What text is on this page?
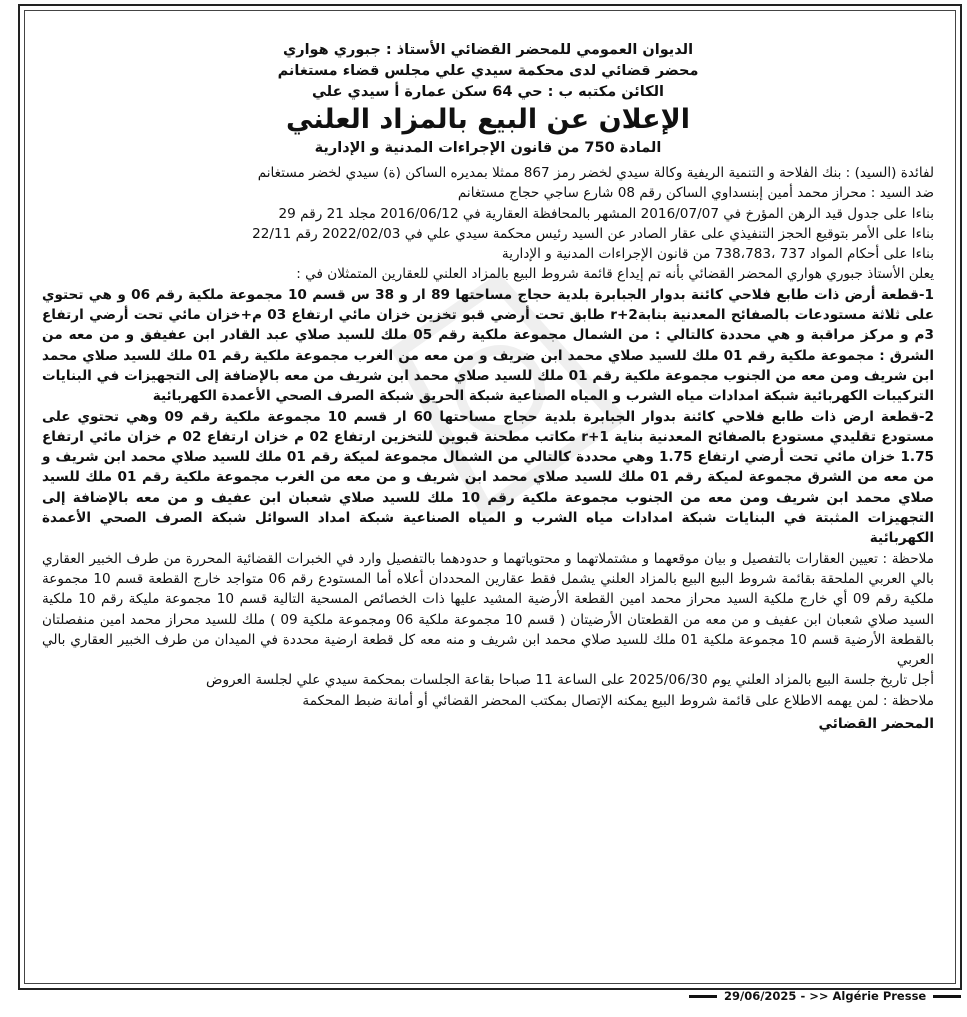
الديوان العمومي للمحضر القضائي الأستاذ : جبوري هواري

محضر قضائي لدى محكمة سيدي علي مجلس قضاء مستغانم

الكائن مكتبه ب : حي 64 سكن عمارة أ سيدي علي

الإعلان عن البيع بالمزاد العلني

المادة 750 من قانون الإجراءات المدنية و الإدارية

لفائدة (السيد) : بنك الفلاحة و التنمية الريفية وكالة سيدي لخضر رمز 867 ممثلا بمديره الساكن (ة) سيدي لخضر مستغانم

ضد السيد : محراز محمد أمين إبنسداوي الساكن رقم 08 شارع ساجي حجاج مستغانم

بناءا على جدول قيد الرهن المؤرخ في 2016/07/07 المشهر بالمحافظة العقارية في 2016/06/12 مجلد 21 رقم 29

بناءا على الأمر بتوقيع الحجز التنفيذي على عقار الصادر عن السيد رئيس محكمة سيدي علي في 2022/02/03 رقم 22/11

بناءا على أحكام المواد 737 ،738،783 من قانون الإجراءات المدنية و الإدارية

يعلن الأستاذ جبوري هواري المحضر القضائي بأنه تم إيداع قائمة شروط البيع بالمزاد العلني للعقارين المتمثلان في :

1-قطعة أرض ذات طابع فلاحي كائنة بدوار الجبابرة بلدية حجاج مساحتها 89 ار و 38 س قسم 10 مجموعة ملكية رقم 06 و هي تحتوي على ثلاثة مستودعات بالصفائح المعدنية بنابة2+r طابق تحت أرضي قبو تخزين خزان مائي ارتفاع 03 م+خزان مائي تحت أرضي ارتفاع 3م و مركز مراقبة و هي محددة كالتالي : من الشمال مجموعة ملكية رقم 05 ملك للسيد صلاي عبد القادر ابن عفيفق و من معه من الشرق : مجموعة ملكية رقم 01 ملك للسيد صلاي محمد ابن ضريف و من معه من الغرب مجموعة ملكية رقم 01 ملك للسيد صلاي محمد ابن شريف ومن معه من الجنوب مجموعة ملكية رقم 01 ملك للسيد صلاي محمد ابن شريف من معه بالإضافة إلى التجهيزات في البنايات التركيبات الكهربائية شبكة امدادات مياه الشرب و المياه الصناعية شبكة الحريق شبكة الصرف الصحي الأعمدة الكهربائية

2-قطعة ارض ذات طابع فلاحي كائنة بدوار الجبابرة بلدية حجاج مساحتها 60 ار قسم 10 مجموعة ملكية رقم 09 وهي تحتوي على مستودع تقليدي مستودع بالصفائح المعدنية بناية r+1 مكاتب مطحنة قبوين للتخزين ارتفاع 02 م خزان ارتفاع 02 م خزان مائي ارتفاع 1.75 خزان مائي تحت أرضي ارتفاع 1.75 وهي محددة كالتالي من الشمال مجموعة لميكة رقم 01 ملك للسيد صلاي محمد ابن شريف و من معه من الشرق مجموعة لميكة رقم 01 ملك للسيد صلاي محمد ابن شريف و من معه من الغرب مجموعة ملكية رقم 01 ملك للسيد صلاي محمد ابن شريف ومن معه من الجنوب مجموعة ملكية رقم 10 ملك للسيد صلاي شعبان ابن عفيف و من معه بالإضافة إلى التجهيزات المثبتة في البنايات شبكة امدادات مياه الشرب و المياه الصناعية شبكة امداد السوائل شبكة الصرف الصحي الأعمدة الكهربائية

ملاحظة : تعيين العقارات بالتفصيل و بيان موقعهما و مشتملاتهما و محتوياتهما و حدودهما بالتفصيل وارد في الخبرات القضائية المحررة من طرف الخبير العقاري بالي العربي الملحقة بقائمة شروط البيع البيع بالمزاد العلني يشمل فقط عقارين المحددان أعلاه أما المستودع رقم 06 متواجد خارج القطعة قسم 10 مجموعة ملكية رقم 09 أي خارج ملكية السيد محراز محمد امين القطعة الأرضية المشيد عليها ذات الخصائص المسحية التالية قسم 10 مجموعة مليكة رقم 10 ملكية السيد صلاي شعبان ابن عفيف و من معه من القطعتان الأرضيتان ( قسم 10 مجموعة ملكية 06 ومجموعة ملكية 09 ) ملك للسيد محراز محمد امين منفصلتان بالقطعة الأرضية قسم 10 مجموعة ملكية 01 ملك للسيد صلاي محمد ابن شريف و منه معه كل قطعة ارضية محددة في الميدان من طرف الخبير العقاري بالي العربي

أجل تاريخ جلسة البيع بالمزاد العلني يوم 2025/06/30 على الساعة 11 صباحا بقاعة الجلسات بمحكمة سيدي علي لجلسة العروض

ملاحظة : لمن يهمه الاطلاع على قائمة شروط البيع يمكنه الإتصال بمكتب المحضر القضائي أو أمانة ضبط المحكمة

المحضر القضائي

29/06/2025 - >> Algérie Presse
